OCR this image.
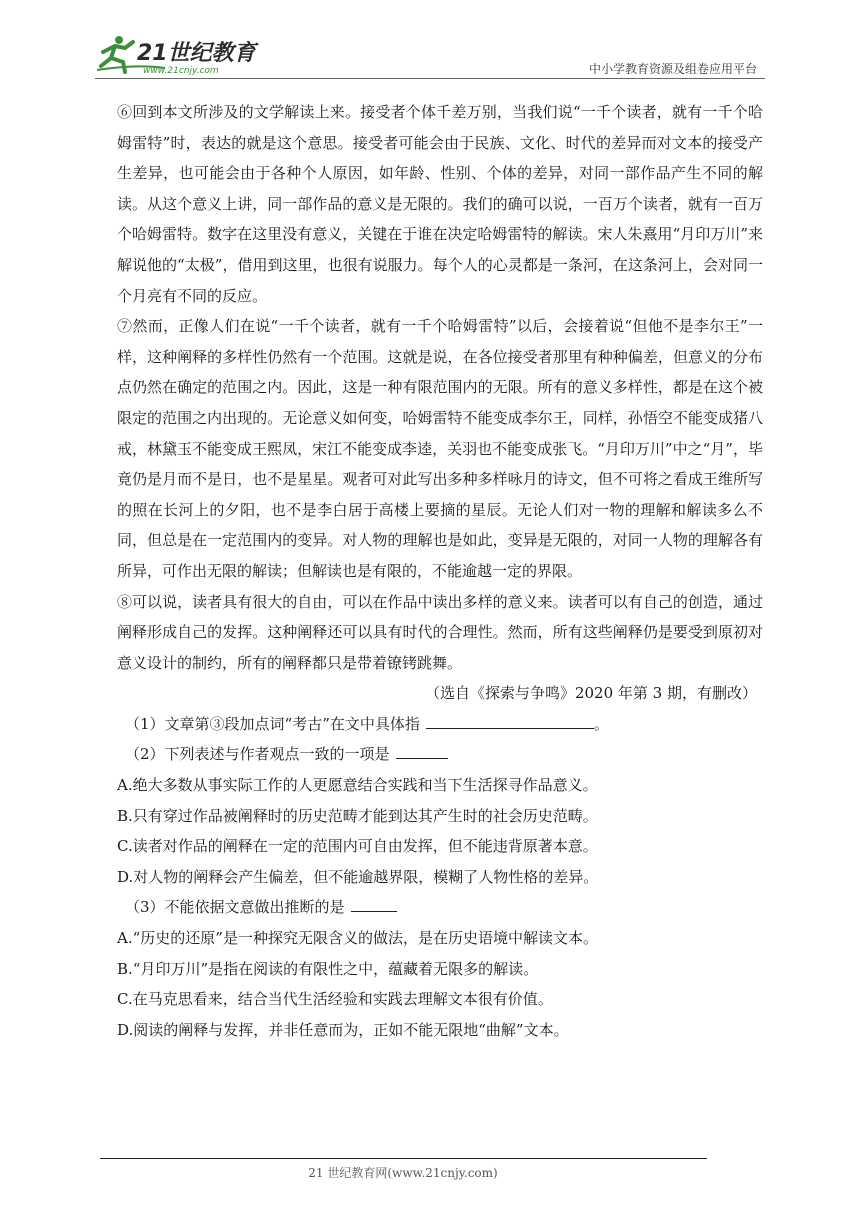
21世纪教育
www.21cnjy.com	中小学教育资源及组卷应用平台

⑥回到本文所涉及的文学解读上来。接受者个体千差万别，当我们说“一千个读者，就有一千个哈姆雷特”时，表达的就是这个意思。接受者可能会由于民族、文化、时代的差异而对文本的接受产生差异，也可能会由于各种个人原因，如年龄、性别、个体的差异，对同一部作品产生不同的解读。从这个意义上讲，同一部作品的意义是无限的。我们的确可以说，一百万个读者，就有一百万个哈姆雷特。数字在这里没有意义，关键在于谁在决定哈姆雷特的解读。宋人朱熹用“月印万川”来解说他的“太极”，借用到这里，也很有说服力。每个人的心灵都是一条河，在这条河上，会对同一个月亮有不同的反应。

⑦然而，正像人们在说“一千个读者，就有一千个哈姆雷特”以后，会接着说“但他不是李尔王”一样，这种阐释的多样性仍然有一个范围。这就是说，在各位接受者那里有种种偏差，但意义的分布点仍然在确定的范围之内。因此，这是一种有限范围内的无限。所有的意义多样性，都是在这个被限定的范围之内出现的。无论意义如何变，哈姆雷特不能变成李尔王，同样，孙悟空不能变成猪八戒，林黛玉不能变成王熙凤，宋江不能变成李逵，关羽也不能变成张飞。“月印万川”中之“月”，毕竟仍是月而不是日，也不是星星。观者可对此写出多种多样咏月的诗文，但不可将之看成王维所写的照在长河上的夕阳，也不是李白居于高楼上要摘的星辰。无论人们对一物的理解和解读多么不同，但总是在一定范围内的变异。对人物的理解也是如此，变异是无限的，对同一人物的理解各有所异，可作出无限的解读；但解读也是有限的，不能逾越一定的界限。

⑧可以说，读者具有很大的自由，可以在作品中读出多样的意义来。读者可以有自己的创造，通过阐释形成自己的发挥。这种阐释还可以具有时代的合理性。然而，所有这些阐释仍是要受到原初对意义设计的制约，所有的阐释都只是带着镣铐跳舞。

（选自《探索与争鸣》2020 年第 3 期，有删改）

（1）文章第③段加点词“考古”在文中具体指	。

（2）下列表述与作者观点一致的一项是

A.绝大多数从事实际工作的人更愿意结合实践和当下生活探寻作品意义。

B.只有穿过作品被阐释时的历史范畴才能到达其产生时的社会历史范畴。

C.读者对作品的阐释在一定的范围内可自由发挥，但不能违背原著本意。

D.对人物的阐释会产生偏差，但不能逾越界限，模糊了人物性格的差异。

（3）不能依据文意做出推断的是

A.“历史的还原”是一种探究无限含义的做法，是在历史语境中解读文本。

B.“月印万川”是指在阅读的有限性之中，蕴藏着无限多的解读。

C.在马克思看来，结合当代生活经验和实践去理解文本很有价值。

D.阅读的阐释与发挥，并非任意而为，正如不能无限地“曲解”文本。

21 世纪教育网(www.21cnjy.com)
